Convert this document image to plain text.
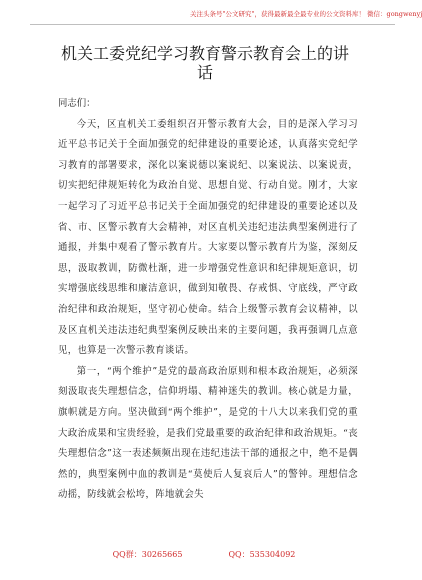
关注头条号"公文研究"，获得最新最全最专业的公文资料库！ 微信：gongwenyj
机关工委党纪学习教育警示教育会上的讲话

同志们：

今天，区直机关工委组织召开警示教育大会，目的是深入学习习近平总书记关于全面加强党的纪律建设的重要论述，认真落实党纪学习教育的部署要求，深化以案说德以案说纪、以案说法、以案说责，切实把纪律规矩转化为政治自觉、思想自觉、行动自觉。刚才，大家一起学习了习近平总书记关于全面加强党的纪律建设的重要论述以及省、市、区警示教育大会精神，对区直机关违纪违法典型案例进行了通报，并集中观看了警示教育片。大家要以警示教育片为鉴，深刻反思，汲取教训，防微杜渐，进一步增强党性意识和纪律规矩意识，切实增强底线思维和廉洁意识，做到知敬畏、存戒惧、守底线，严守政治纪律和政治规矩，坚守初心使命。结合上级警示教育会议精神，以及区直机关违法违纪典型案例反映出来的主要问题，我再强调几点意见，也算是一次警示教育谈话。

第一，“两个维护”是党的最高政治原则和根本政治规矩，必须深刻汲取丧失理想信念，信仰坍塌、精神迷失的教训。核心就是力量，旗帜就是方向。坚决做到“两个维护”，是党的十八大以来我们党的重大政治成果和宝贵经验，是我们党最重要的政治纪律和政治规矩。“丧失理想信念”这一表述频频出现在违纪违法干部的通报之中，绝不是偶然的，典型案例中血的教训是“莫使后人复哀后人”的警钟。理想信念动摇，防线就会松垮，阵地就会失

QQ群：30265665	QQ：535304092
